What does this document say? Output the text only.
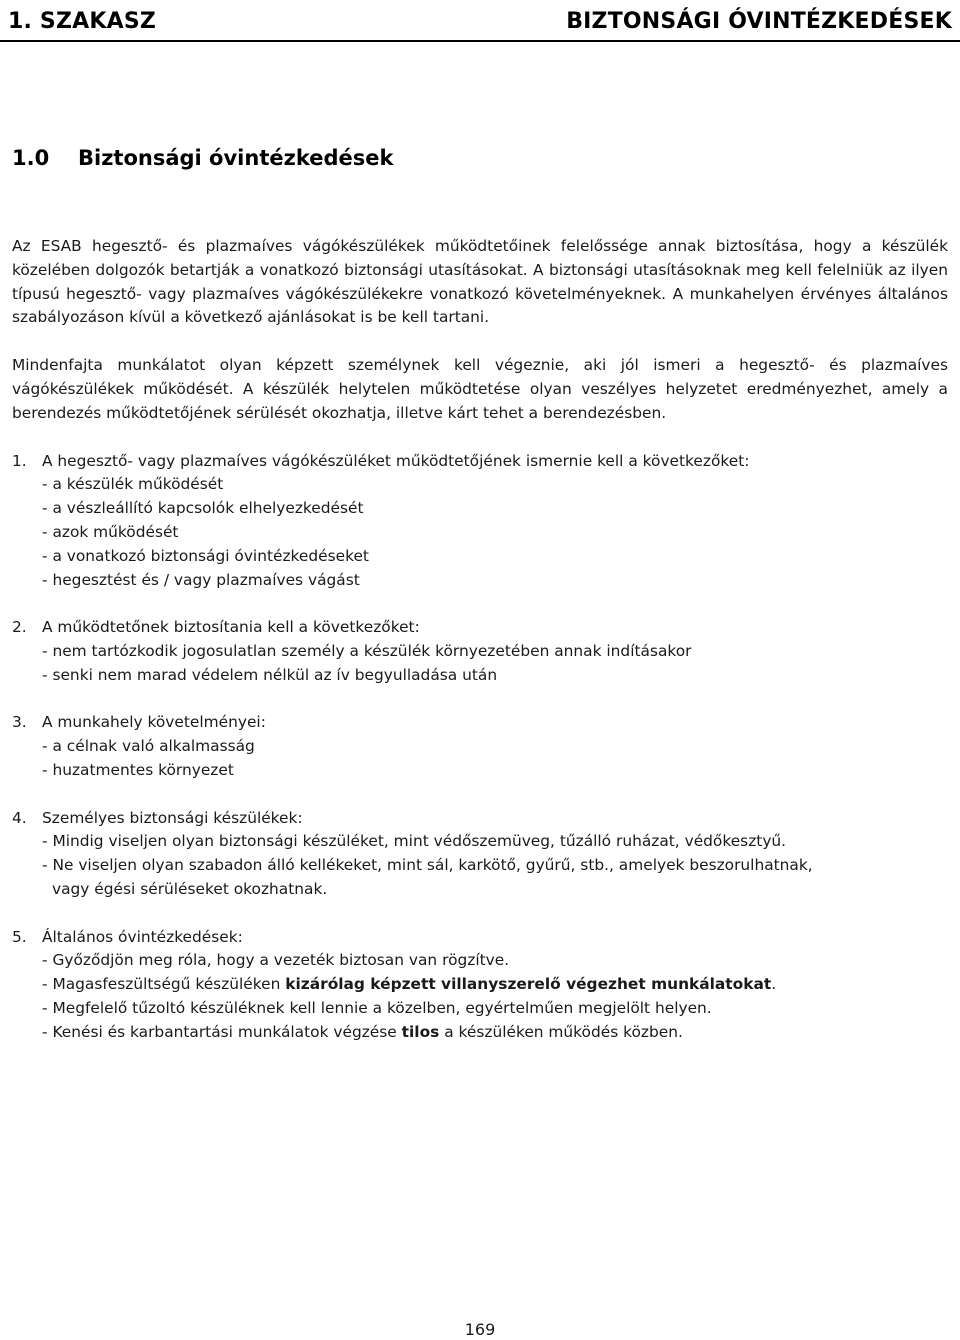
1. SZAKASZ	BIZTONSÁGI ÓVINTÉZKEDÉSEK
1.0 Biztonsági óvintézkedések

Az ESAB hegesztő- és plazmaíves vágókészülékek működtetőinek felelőssége annak biztosítása, hogy a készülék közelében dolgozók betartják a vonatkozó biztonsági utasításokat. A biztonsági utasításoknak meg kell felelniük az ilyen típusú hegesztő- vagy plazmaíves vágókészülékekre vonatkozó követelményeknek. A munkahelyen érvényes általános szabályozáson kívül a következő ajánlásokat is be kell tartani.

Mindenfajta munkálatot olyan képzett személynek kell végeznie, aki jól ismeri a hegesztő- és plazmaíves vágókészülékek működését. A készülék helytelen működtetése olyan veszélyes helyzetet eredményezhet, amely a berendezés működtetőjének sérülését okozhatja, illetve kárt tehet a berendezésben.

1. A hegesztő- vagy plazmaíves vágókészüléket működtetőjének ismernie kell a következőket:
- a készülék működését
- a vészleállító kapcsolók elhelyezkedését
- azok működését
- a vonatkozó biztonsági óvintézkedéseket
- hegesztést és / vagy plazmaíves vágást
2. A működtetőnek biztosítania kell a következőket:
- nem tartózkodik jogosulatlan személy a készülék környezetében annak indításakor
- senki nem marad védelem nélkül az ív begyulladása után
3. A munkahely követelményei:
- a célnak való alkalmasság
- huzatmentes környezet
4. Személyes biztonsági készülékek:
- Mindig viseljen olyan biztonsági készüléket, mint védőszemüveg, tűzálló ruházat, védőkesztyű.
- Ne viseljen olyan szabadon álló kellékeket, mint sál, karkötő, gyűrű, stb., amelyek beszorulhatnak,
vagy égési sérüléseket okozhatnak.
5. Általános óvintézkedések:
- Győződjön meg róla, hogy a vezeték biztosan van rögzítve.
- Magasfeszültségű készüléken kizárólag képzett villanyszerelő végezhet munkálatokat.
- Megfelelő tűzoltó készüléknek kell lennie a közelben, egyértelműen megjelölt helyen.
- Kenési és karbantartási munkálatok végzése tilos a készüléken működés közben.
169
